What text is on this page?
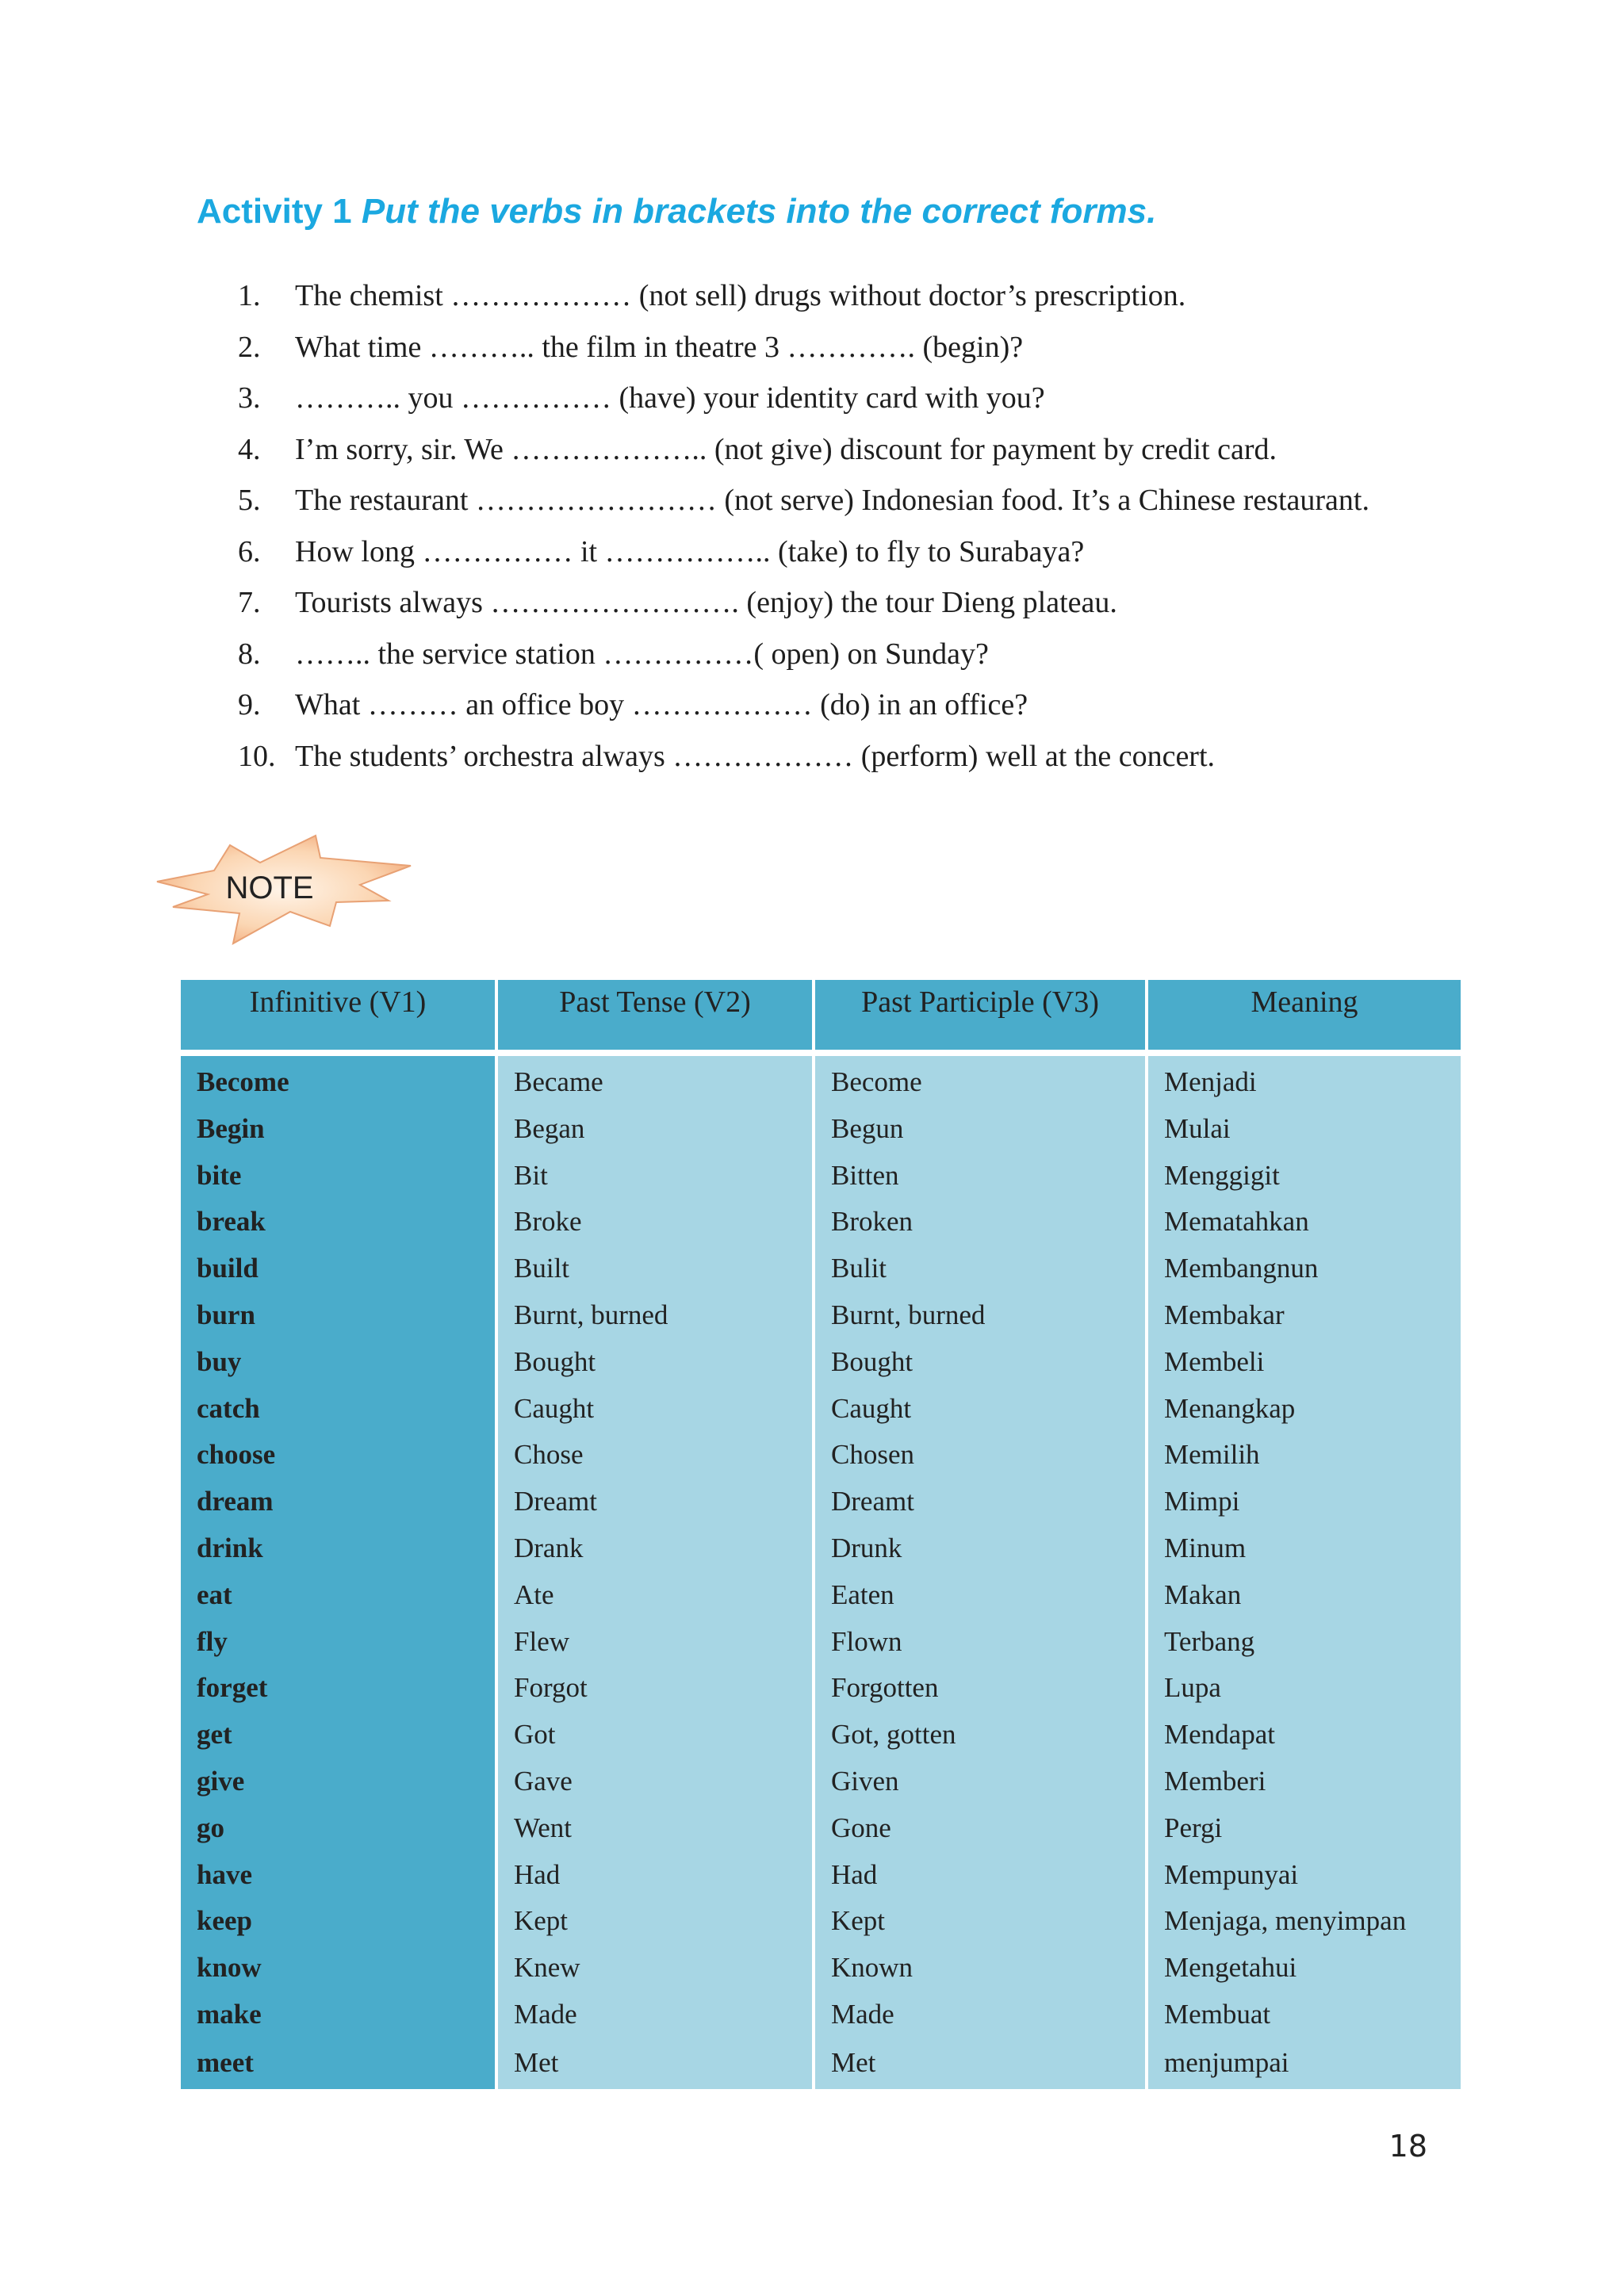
Activity 1 Put the verbs in brackets into the correct forms.
1. The chemist ……………… (not sell) drugs without doctor’s prescription.
2. What time ……….. the film in theatre 3 …………. (begin)?
3. ……….. you …………… (have) your identity card with you?
4. I’m sorry, sir. We ……………….. (not give) discount for payment by credit card.
5. The restaurant …………………… (not serve) Indonesian food. It’s a Chinese restaurant.
6. How long …………… it …………….. (take) to fly to Surabaya?
7. Tourists always ……………………. (enjoy) the tour Dieng plateau.
8. …….. the service station ……………( open) on Sunday?
9. What ……… an office boy ……………… (do) in an office?
10. The students’ orchestra always ……………… (perform) well at the concert.
NOTE
Infinitive (V1)	Past Tense (V2)	Past Participle (V3)	Meaning

Become	Became	Become	Menjadi
Begin	Began	Begun	Mulai
bite	Bit	Bitten	Menggigit
break	Broke	Broken	Mematahkan
build	Built	Bulit	Membangnun
burn	Burnt, burned	Burnt, burned	Membakar
buy	Bought	Bought	Membeli
catch	Caught	Caught	Menangkap
choose	Chose	Chosen	Memilih
dream	Dreamt	Dreamt	Mimpi
drink	Drank	Drunk	Minum
eat	Ate	Eaten	Makan
fly	Flew	Flown	Terbang
forget	Forgot	Forgotten	Lupa
get	Got	Got, gotten	Mendapat
give	Gave	Given	Memberi
go	Went	Gone	Pergi
have	Had	Had	Mempunyai
keep	Kept	Kept	Menjaga, menyimpan
know	Knew	Known	Mengetahui
make	Made	Made	Membuat
meet	Met	Met	menjumpai
18
